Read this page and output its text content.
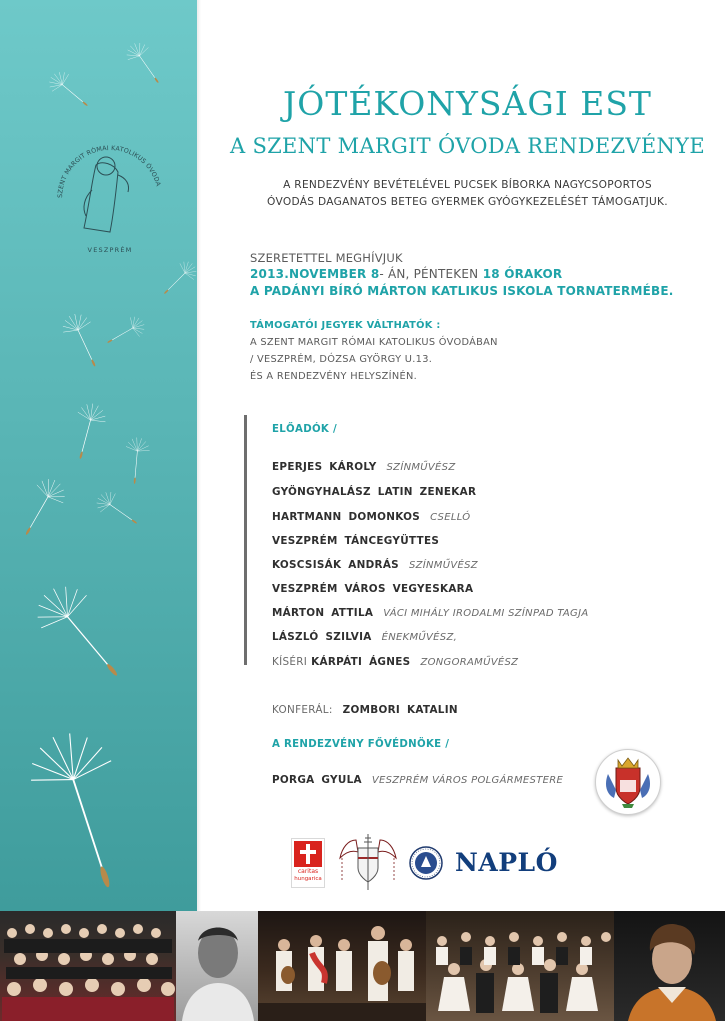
SZENT MARGIT RÓMAI KATOLIKUS ÓVODA
VESZPRÉM
JÓTÉKONYSÁGI EST
A SZENT MARGIT ÓVODA RENDEZVÉNYE
A RENDEZVÉNY BEVÉTELÉVEL PUCSEK BÍBORKA NAGYCSOPORTOS
ÓVODÁS DAGANATOS BETEG GYERMEK GYÓGYKEZELÉSÉT TÁMOGATJUK.
SZERETETTEL MEGHÍVJUK
2013.NOVEMBER 8- ÁN, PÉNTEKEN 18 ÓRAKOR
A PADÁNYI BÍRÓ MÁRTON KATLIKUS ISKOLA TORNATERMÉBE.
TÁMOGATÓI JEGYEK VÁLTHATÓK :
A SZENT MARGIT RÓMAI KATOLIKUS ÓVODÁBAN
/ VESZPRÉM, DÓZSA GYÖRGY U.13.
ÉS A RENDEZVÉNY HELYSZÍNÉN.
ELŐADÓK /
EPERJES KÁROLY SZÍNMŰVÉSZ
GYÖNGYHALÁSZ LATIN ZENEKAR
HARTMANN DOMONKOS CSELLÓ
VESZPRÉM TÁNCEGYÜTTES
KOSCSISÁK ANDRÁS SZÍNMŰVÉSZ
VESZPRÉM VÁROS VEGYESKARA
MÁRTON ATTILA VÁCI MIHÁLY IRODALMI SZÍNPAD TAGJA
LÁSZLÓ SZILVIA ÉNEKMŰVÉSZ,
KÍSÉRI KÁRPÁTI ÁGNES ZONGORAMŰVÉSZ
KONFERÁL: ZOMBORI KATALIN
A RENDEZVÉNY FŐVÉDNÖKE /
PORGA GYULA VESZPRÉM VÁROS POLGÁRMESTERE
caritas
hungarica
NAPLÓ
